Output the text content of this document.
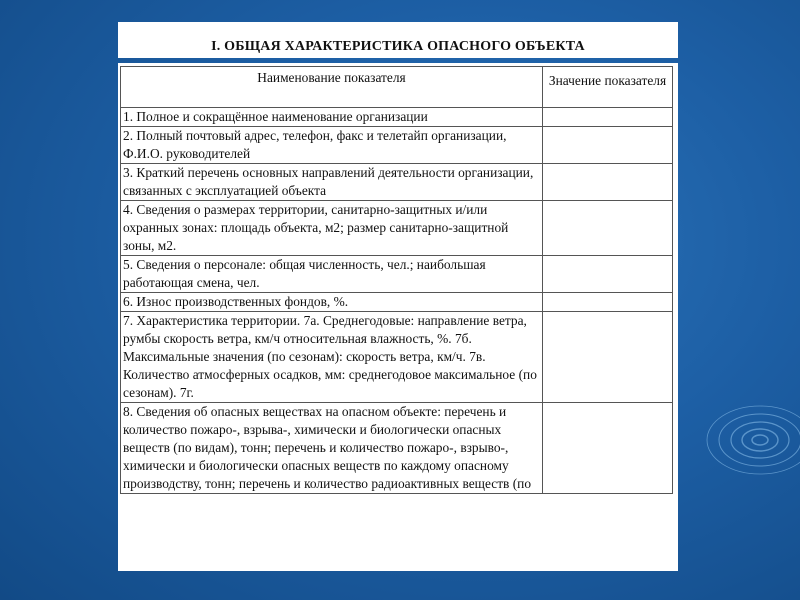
I. ОБЩАЯ ХАРАКТЕРИСТИКА ОПАСНОГО ОБЪЕКТА
Наименование показателя	Значение показателя
1. Полное и сокращённое наименование организации	
2. Полный почтовый адрес, телефон, факс и телетайп организации, Ф.И.О. руководителей	
3. Краткий перечень основных направлений деятельности организации, связанных с эксплуатацией объекта	
4. Сведения о размерах территории, санитарно-защитных и/или охранных зонах: площадь объекта, м2; размер санитарно-защитной зоны, м2.	
5. Сведения о персонале: общая численность, чел.; наибольшая работающая смена, чел.	
6. Износ производственных фондов, %.	
7. Характеристика территории. 7а. Среднегодовые: направление ветра, румбы скорость ветра, км/ч относительная влажность, %. 7б. Максимальные значения (по сезонам): скорость ветра, км/ч. 7в. Количество атмосферных осадков, мм: среднегодовое максимальное (по сезонам). 7г.	
8. Сведения об опасных веществах на опасном объекте: перечень и количество пожаро-, взрыва-, химически и биологически опасных веществ (по видам), тонн; перечень и количество пожаро-, взрыво-, химически и биологически опасных веществ по каждому опасному производству, тонн; перечень и количество радиоактивных веществ (по	
